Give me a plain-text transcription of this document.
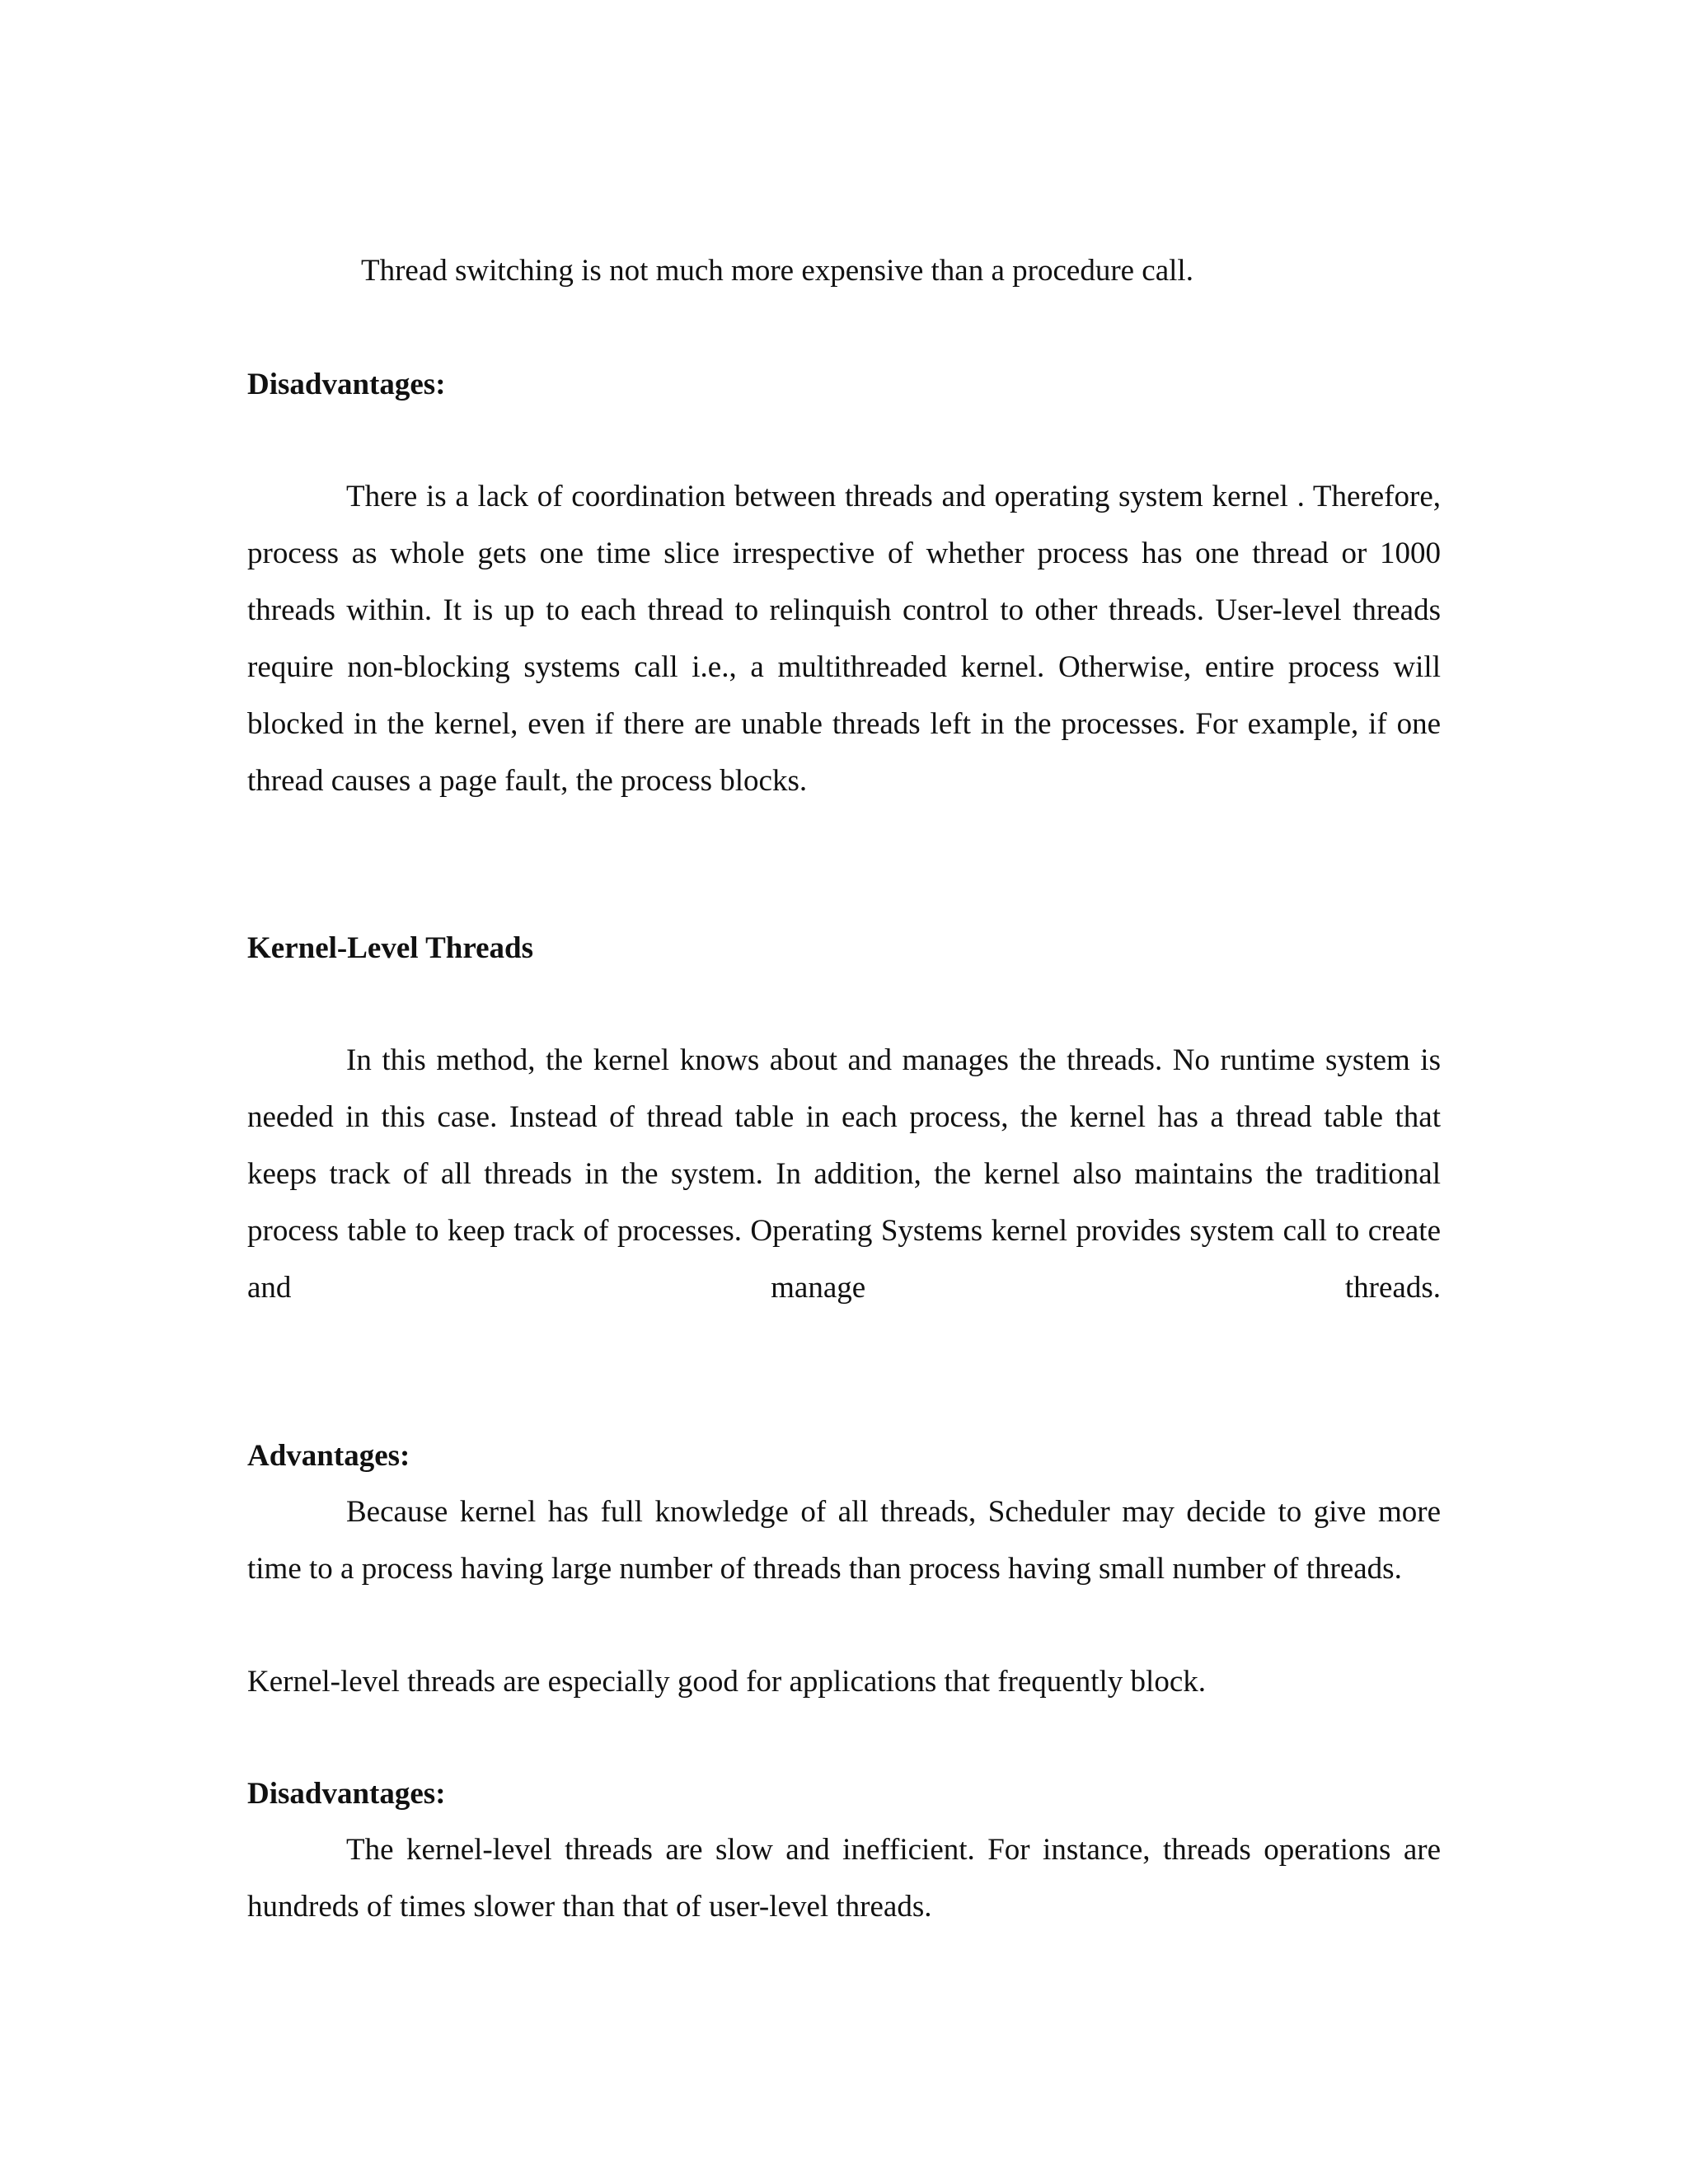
Thread switching is not much more expensive than a procedure call.

Disadvantages:

There is a lack of coordination between threads and operating system kernel . Therefore, process as whole gets one time slice irrespective of whether process has one thread or 1000 threads within. It is up to each thread to relinquish control to other threads. User-level threads require non-blocking systems call i.e., a multithreaded kernel. Otherwise, entire process will blocked in the kernel, even if there are unable threads left in the processes. For example, if one thread causes a page fault, the process blocks.

Kernel-Level Threads

In this method, the kernel knows about and manages the threads. No runtime system is needed in this case. Instead of thread table in each process, the kernel has a thread table that keeps track of all threads in the system. In addition, the kernel also maintains the traditional process table to keep track of processes. Operating Systems kernel provides system call to create and manage threads.

Advantages:

Because kernel has full knowledge of all threads, Scheduler may decide to give more time to a process having large number of threads than process having small number of threads.

Kernel-level threads are especially good for applications that frequently block.

Disadvantages:

The kernel-level threads are slow and inefficient. For instance, threads operations are hundreds of times slower than that of user-level threads.
